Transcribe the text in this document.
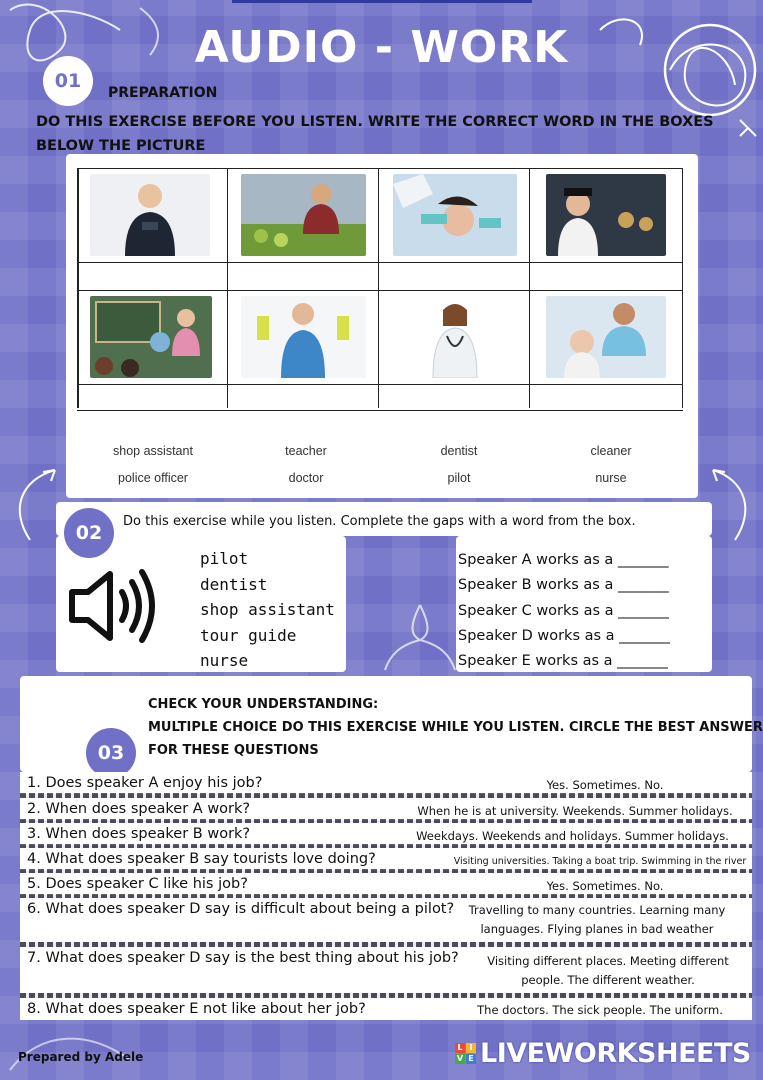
AUDIO - WORK
01
PREPARATION
DO THIS EXERCISE BEFORE YOU LISTEN. WRITE THE CORRECT WORD IN THE BOXES BELOW THE PICTURE
shop assistant	teacher	dentist	cleaner
police officer	doctor	pilot	nurse
02
Do this exercise while you listen. Complete the gaps with a word from the box.
pilot
dentist
shop assistant
tour guide
nurse
Speaker A works as a _______
Speaker B works as a _______
Speaker C works as a _______
Speaker D works as a _______
Speaker E works as a _______
03
CHECK YOUR UNDERSTANDING:
MULTIPLE CHOICE DO THIS EXERCISE WHILE YOU LISTEN. CIRCLE THE BEST ANSWER
FOR THESE QUESTIONS
1. Does speaker A enjoy his job?	Yes. Sometimes. No.
2. When does speaker A work?	When he is at university. Weekends. Summer holidays.
3. When does speaker B work?	Weekdays. Weekends and holidays. Summer holidays.
4. What does speaker B say tourists love doing?	Visiting universities. Taking a boat trip. Swimming in the river
5. Does speaker C like his job?	Yes. Sometimes. No.
6. What does speaker D say is difficult about being a pilot?	Travelling to many countries. Learning many languages. Flying planes in bad weather
7. What does speaker D say is the best thing about his job?	Visiting different places. Meeting different people. The different weather.
8. What does speaker E not like about her job?	The doctors. The sick people. The uniform.
Prepared by Adele
L I
V E LIVEWORKSHEETS
